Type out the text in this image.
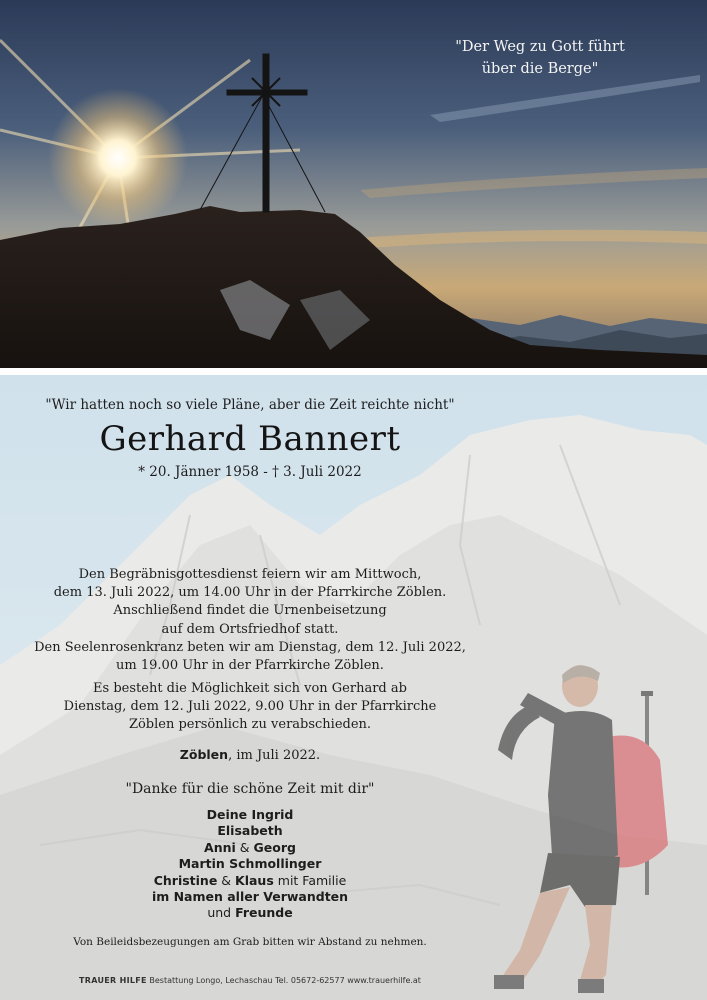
"Der Weg zu Gott führt
über die Berge"
"Wir hatten noch so viele Pläne, aber die Zeit reichte nicht"
Gerhard Bannert
* 20. Jänner 1958 - † 3. Juli 2022
Den Begräbnisgottesdienst feiern wir am Mittwoch,
dem 13. Juli 2022, um 14.00 Uhr in der Pfarrkirche Zöblen.
Anschließend findet die Urnenbeisetzung
auf dem Ortsfriedhof statt.
Den Seelenrosenkranz beten wir am Dienstag, dem 12. Juli 2022,
um 19.00 Uhr in der Pfarrkirche Zöblen.
Es besteht die Möglichkeit sich von Gerhard ab
Dienstag, dem 12. Juli 2022, 9.00 Uhr in der Pfarrkirche
Zöblen persönlich zu verabschieden.
Zöblen, im Juli 2022.
"Danke für die schöne Zeit mit dir"
Deine Ingrid
Elisabeth
Anni & Georg
Martin Schmollinger
Christine & Klaus mit Familie
im Namen aller Verwandten
und Freunde
Von Beileidsbezeugungen am Grab bitten wir Abstand zu nehmen.
TRAUER HILFE Bestattung Longo, Lechaschau Tel. 05672-62577 www.trauerhilfe.at
